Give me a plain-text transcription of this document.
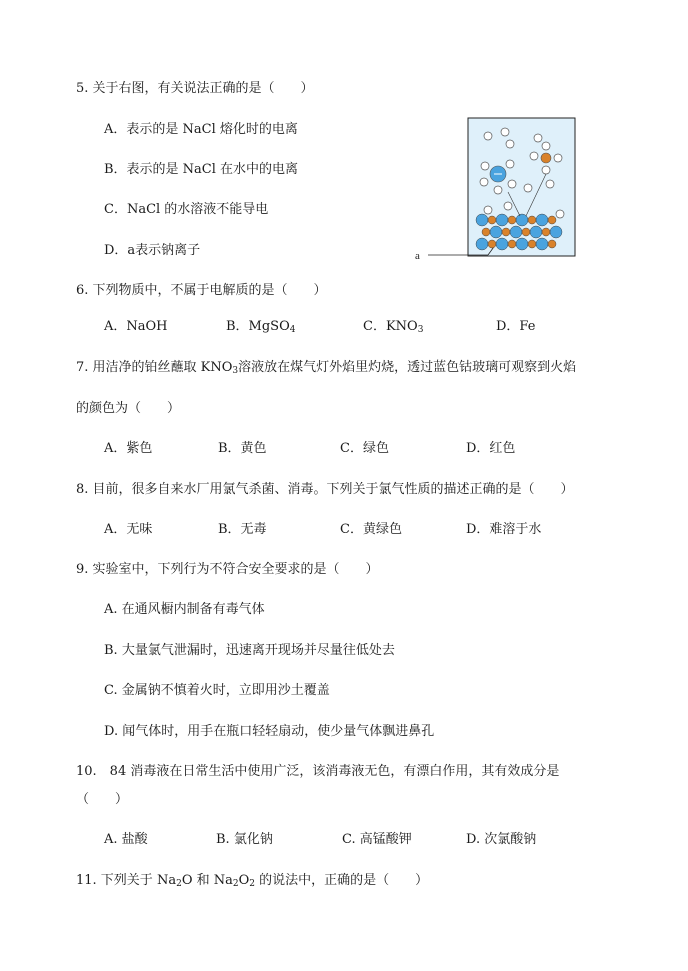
5. 关于右图，有关说法正确的是（　　）
A．表示的是 NaCl 熔化时的电离
B．表示的是 NaCl 在水中的电离
C．NaCl 的水溶液不能导电
D．a表示钠离子	a
6. 下列物质中，不属于电解质的是（　　）
A．NaOH	B．MgSO$_4$	C．$KNO_3$	D．Fe
7. 用洁净的铂丝蘸取 $KNO_3$溶液放在煤气灯外焰里灼烧，透过蓝色钴玻璃可观察到火焰
的颜色为（　　）
A．紫色	B．黄色	C．绿色	D．红色
8. 目前，很多自来水厂用氯气杀菌、消毒。下列关于氯气性质的描述正确的是（　　）
A．无味	B．无毒	C．黄绿色	D．难溶于水
9. 实验室中，下列行为不符合安全要求的是（　　）
A. 在通风橱内制备有毒气体
B. 大量氯气泄漏时，迅速离开现场并尽量往低处去
C. 金属钠不慎着火时，立即用沙土覆盖
D. 闻气体时，用手在瓶口轻轻扇动，使少量气体飘进鼻孔
10.　84 消毒液在日常生活中使用广泛，该消毒液无色，有漂白作用，其有效成分是
（　　）
A. 盐酸	B. 氯化钠	C. 高锰酸钾	D. 次氯酸钠
11. 下列关于 $Na_2O$ 和 $Na_2O_2$ 的说法中，正确的是（　　）
